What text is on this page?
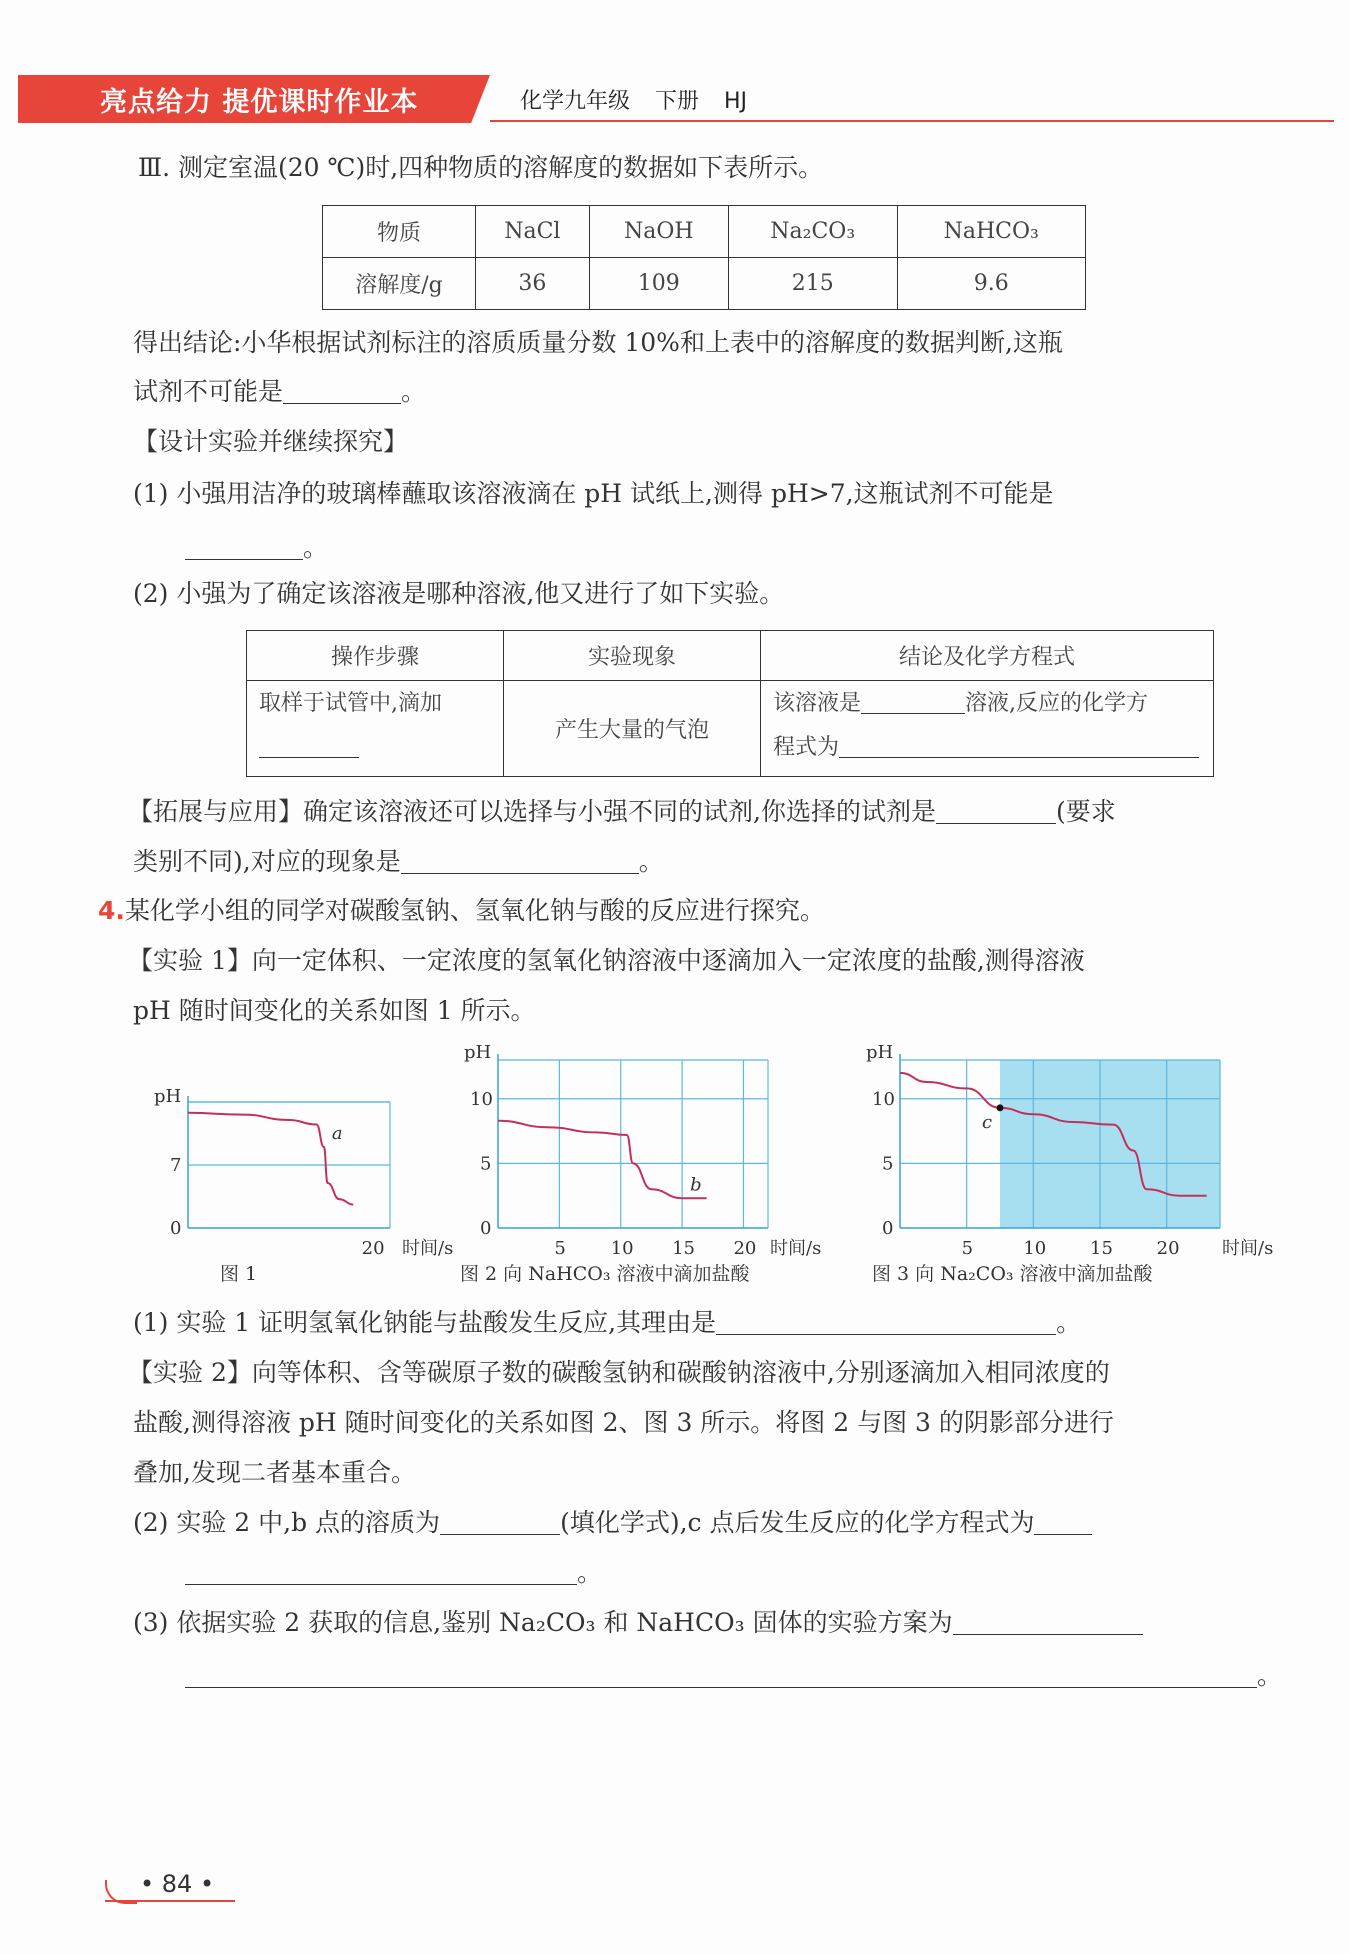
亮点给力 提优课时作业本	化学九年级 下册 HJ
Ⅲ. 测定室温(20 ℃)时,四种物质的溶解度的数据如下表所示。
物质	NaCl	NaOH	Na₂CO₃	NaHCO₃
溶解度/g	36	109	215	9.6
得出结论:小华根据试剂标注的溶质质量分数 10%和上表中的溶解度的数据判断,这瓶
试剂不可能是	。
【设计实验并继续探究】
(1) 小强用洁净的玻璃棒蘸取该溶液滴在 pH 试纸上,测得 pH>7,这瓶试剂不可能是
。
(2) 小强为了确定该溶液是哪种溶液,他又进行了如下实验。
操作步骤	实验现象	结论及化学方程式

取样于试管中,滴加	产生大量的气泡	该溶液是 溶液,反应的化学方
程式为
【拓展与应用】确定该溶液还可以选择与小强不同的试剂,你选择的试剂是	(要求
类别不同),对应的现象是	。
4.某化学小组的同学对碳酸氢钠、氢氧化钠与酸的反应进行探究。
【实验 1】向一定体积、一定浓度的氢氧化钠溶液中逐滴加入一定浓度的盐酸,测得溶液
pH 随时间变化的关系如图 1 所示。
pH
时间/s
0
7
20
a
图 1
pH
时间/s
0
5
10
5 10 15 20
b
图 2 向 NaHCO₃ 溶液中滴加盐酸
pH
时间/s
0
5
10
5	10 15 20
c
图 3 向 Na₂CO₃ 溶液中滴加盐酸
(1) 实验 1 证明氢氧化钠能与盐酸发生反应,其理由是	。
【实验 2】向等体积、含等碳原子数的碳酸氢钠和碳酸钠溶液中,分别逐滴加入相同浓度的
盐酸,测得溶液 pH 随时间变化的关系如图 2、图 3 所示。将图 2 与图 3 的阴影部分进行
叠加,发现二者基本重合。
(2) 实验 2 中,b 点的溶质为	(填化学式),c 点后发生反应的化学方程式为
。
(3) 依据实验 2 获取的信息,鉴别 Na₂CO₃ 和 NaHCO₃ 固体的实验方案为
。
• 84 •
